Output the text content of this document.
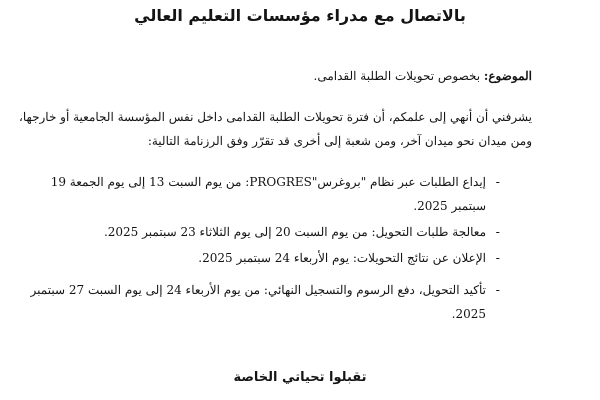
بالاتصال مع مدراء مؤسسات التعليم العالي

الموضوع: بخصوص تحويلات الطلبة القدامى.

يشرفني أن أنهي إلى علمكم، أن فترة تحويلات الطلبة القدامى داخل نفس المؤسسة الجامعية أو خارجها، ومن ميدان نحو ميدان آخر، ومن شعبة إلى أخرى قد تقرّر وفق الرزنامة التالية:

-
إيداع الطلبات عبر نظام "بروغرس"PROGRES: من يوم السبت 13 إلى يوم الجمعة 19 سبتمبر 2025.
-
معالجة طلبات التحويل: من يوم السبت 20 إلى يوم الثلاثاء 23 سبتمبر 2025.
-
الإعلان عن نتائج التحويلات: يوم الأربعاء 24 سبتمبر 2025.
-
تأكيد التحويل، دفع الرسوم والتسجيل النهائي: من يوم الأربعاء 24 إلى يوم السبت 27 سبتمبر 2025.

تقبلوا تحياتي الخاصة
